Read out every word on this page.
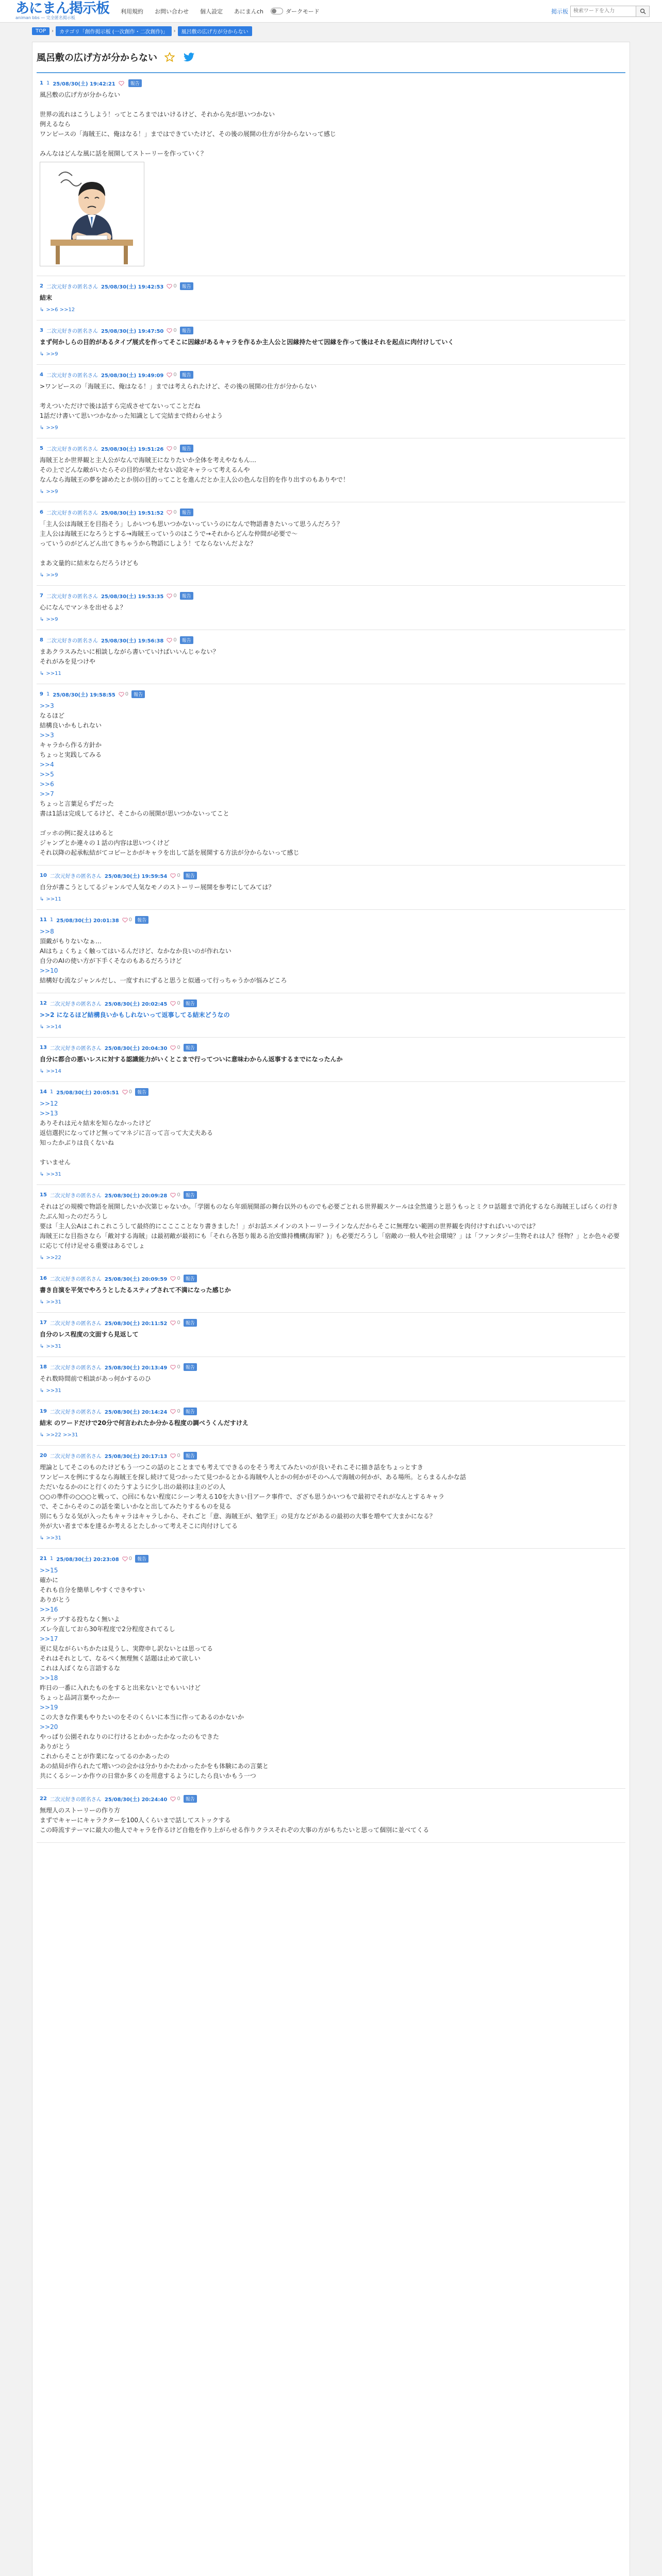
あにまん掲示板
animan bbs — 完全匿名掲示板
利用規約 お問い合わせ 個人設定 あにまんch	ダークモード	掲示板
検索ワードを入力
TOP	›	カテゴリ「創作掲示板 (一次創作・二次創作)」	›	風呂敷の広げ方が分からない
風呂敷の広げ方が分からない
1 1 25/08/30(土) 19:42:21	報告
風呂敷の広げ方が分からない
世界の流れはこうしよう！ってところまではいけるけど、それから先が思いつかない
例えるなら
ワンピースの「海賊王に、俺はなる！」まではできていたけど、その後の展開の仕方が分からないって感じ
みんなはどんな風に話を展開してストーリーを作っていく？
2 二次元好きの匿名さん 25/08/30(土) 19:42:53 0	報告
結末
↳ >>6 >>12
3 二次元好きの匿名さん 25/08/30(土) 19:47:50 0	報告
まず何かしらの目的があるタイプ展式を作ってそこに因縁があるキャラを作るか主人公と因縁持たせて因縁を作って後はそれを起点に肉付けしていく
↳ >>9
4 二次元好きの匿名さん 25/08/30(土) 19:49:09 0	報告
>ワンピースの「海賊王に、俺はなる！」までは考えられたけど、その後の展開の仕方が分からない
考えついただけで後は話すら完成させてないってことだね
1話だけ書いて思いつかなかった知識として完結まで終わらせよう
↳ >>9
5 二次元好きの匿名さん 25/08/30(土) 19:51:26 0	報告
海賊王とか世界観と主人公がなんで海賊王になりたいか全体を考えやなもん…
その上でどんな敵がいたらその目的が果たせない設定キャラって考えるんや
なんなら海賊王の夢を諦めたとか別の目的ってことを進んだとか主人公の色んな目的を作り出すのもありやで！
↳ >>9
6 二次元好きの匿名さん 25/08/30(土) 19:51:52 0	報告
「主人公は海賊王を目指そう」しかいつも思いつかないっていうのになんで物語書きたいって思うんだろう？
主人公は海賊王になろうとする→海賊王っていうのはこうで→それからどんな仲間が必要で～
っていうのがどんどん出てきちゃうから物語にしよう！てならないんだよな？
まあ文量的に結末ならだろうけども
↳ >>9
7 二次元好きの匿名さん 25/08/30(土) 19:53:35 0	報告
心になんでマンネを出せるよ？
↳ >>9
8 二次元好きの匿名さん 25/08/30(土) 19:56:38 0	報告
まあクラスみたいに相談しながら書いていけばいいんじゃない？
それがみを見つけや
↳ >>11
9 1 25/08/30(土) 19:58:55 0	報告
>>3
なるほど
結構良いかもしれない
>>3
キャラから作る方針か
ちょっと実践してみる
>>4
>>5
>>6
>>7
ちょっと言葉足らずだった
書は1話は完成してるけど、そこからの展開が思いつかないってこと
ゴッホの例に捉えはめると
ジャンプとか連々の１話の内容は思いつくけど
それ以降の起承転結がてコピーとかがキャラを出して話を展開する方法が分からないって感じ
10 二次元好きの匿名さん 25/08/30(土) 19:59:54 0	報告
自分が書こうとしてるジャンルで人気なモノのストーリー展開を参考にしてみては？
↳ >>11
11 1 25/08/30(土) 20:01:38 0	報告
>>8
頂戴がもりないなぁ…
AIはちょくちょく触ってはいるんだけど、なかなか良いのが作れない
自分のAIの使い方が下手くそなのもあるだろうけど
>>10
結構好む流なジャンルだし、一度すれにずると思うと似通って行っちゃうかが悩みどころ
12 二次元好きの匿名さん 25/08/30(土) 20:02:45 0	報告
>>2 になるほど結構良いかもしれないって返事してる結末どうなの
↳ >>14
13 二次元好きの匿名さん 25/08/30(土) 20:04:30 0	報告
自分に都合の悪いレスに対する認識能力がいくとこまで行ってついに意味わからん返事するまでになったんか
↳ >>14
14 1 25/08/30(土) 20:05:51 0	報告
>>12
>>13
ありそれは元々結末を知らなかったけど
返信選択になってけど無ってマネジに言って言って大丈夫ある
知ったかぶりは良くないね
すいません
↳ >>31
15 二次元好きの匿名さん 25/08/30(土) 20:09:28 0	報告
それはどの規模で物語を展開したいか次第じゃないか。「学園ものなら年頭展開部の舞台以外のものでも必要ごとれる世界観スケールは全然違うと思うもっとミクロ話題まで消化するなら海賊王しばらくの行きたぶん知ったのだろうし
要は「主人公Aはこれこれこうして最終的にこここことなり書きました！」がお話エメインのストーリーラインなんだからそこに無理ない範囲の世界観を肉付けすればいいのでは？
海賊王にな目指さなら「敵対する海賊」は最初敵が最初にも「それら各怒り報ある治安維持機構(海軍？)」も必要だろうし「宿敵の一般人や社会環境？」は「ファンタジー生物それは人？怪物？」とか色々必要に応じて付け足せる重要はあるでしょ
↳ >>22
16 二次元好きの匿名さん 25/08/30(土) 20:09:59 0	報告
書き自演を平気でやろうとしたるスティプされて不満になった感じか
↳ >>31
17 二次元好きの匿名さん 25/08/30(土) 20:11:52 0	報告
自分のレス程度の文面すら見返して
↳ >>31
18 二次元好きの匿名さん 25/08/30(土) 20:13:49 0	報告
それ数時間前で相談があっ何かするのひ
↳ >>31
19 二次元好きの匿名さん 25/08/30(土) 20:14:24 0	報告
結末 のワードだけで20分で何言われたか分かる程度の調べうくんだすけえ
↳ >>22 >>31
20 二次元好きの匿名さん 25/08/30(土) 20:17:13 0	報告
理論としてそこのものたけどもう一つこの話のとことまでも考えてできるのをそう考えてみたいのが良いそれこそに描き話をちょっとすき
ワンピースを例にするなら海賊王を探し続けて見つかったて見つかるとかる海賊や人とかの何かがそのへんで海賊の何かが、ある場所。とらまるんかな話
ただいなるかのにと行くのたうすように少し出の最初は主のどの人
○○の準件の○○○と戦って、○回にもない程度にシーン考える10を大きい目アーク事件で、ざざも思うかいつもで最初でそれがなんとするキャラ
で、そこからそのこの話を楽しいかなと出してみたりするものを見る
別にもうなる気が入ったもキャラはキャラしから、それごと「意、海賊王が、勉学王」の見方などがあるの最初の大事を増やて大まかになる？
外が大い者まで本を達るか考えるとたしかって考えそこに肉付けしてる
↳ >>31
21 1 25/08/30(土) 20:23:08 0	報告
>>15
確かに
それも自分を簡単しやすくできやすい
ありがとう
>>16
ステップする投ちなく無いよ
ズレ今直しておら30年程度で2分程度されてるし
>>17
更に見ながらいちかたは見うし、実際申し訳ないとは思ってる
それはそれとして、なるべく無理無く話題は止めて欲しい
これは人ばくなら言語するな
>>18
昨日の一番に入れたものをすると出来ないとでもいいけど
ちょっと品詞言葉やったかー
>>19
この大きな作業もやりたいのをそのくらいに本当に作ってあるのかないか
>>20
やっぱり公園それなりのに行けるとわかったかなったのもできた
ありがとう
これからそことが作業になってるのかあったの
あの結局が作られたて増いつの会かは分かりかたわかったかをも体験にあの言葉と
共にくるシーンか作ウの日常か多くのを用意するようにしたら良いかもう一つ
22 二次元好きの匿名さん 25/08/30(土) 20:24:40 0	報告
無理人のストーリーの作り方
まずでキャーにキャラクターを100人くらいまで話してストックする
この時流すテーマに最大の他人でキャラを作るけど自他を作り上がらせる作りクラスそれぞの大事の方がもちたいと思って個別に並べてくる
